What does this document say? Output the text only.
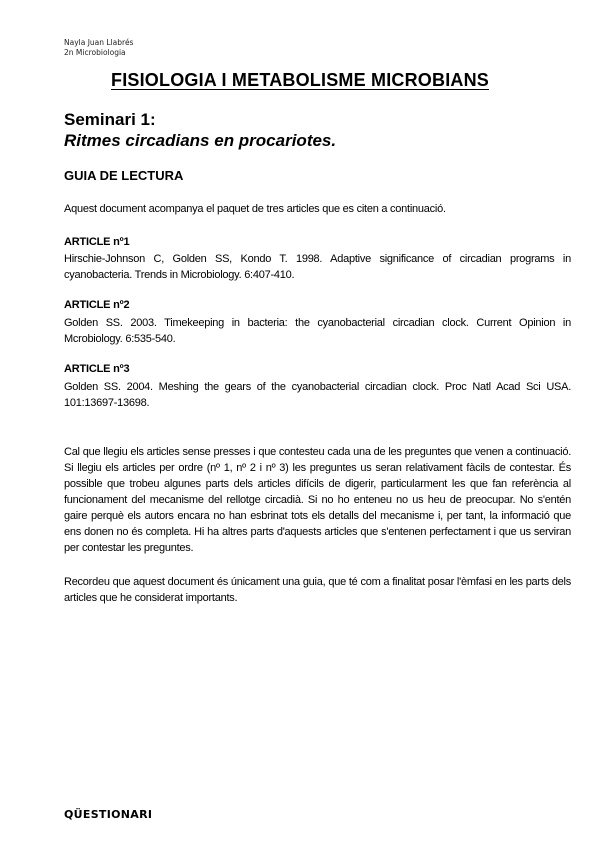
Nayla Juan Llabrés
2n Microbiologia
FISIOLOGIA I METABOLISME MICROBIANS
Seminari 1:
Ritmes circadians en procariotes.
GUIA DE LECTURA

Aquest document acompanya el paquet de tres articles que es citen a continuació.

ARTICLE nº1

Hirschie-Johnson C, Golden SS, Kondo T. 1998. Adaptive significance of circadian programs in cyanobacteria. Trends in Microbiology. 6:407-410.

ARTICLE nº2

Golden SS. 2003. Timekeeping in bacteria: the cyanobacterial circadian clock. Current Opinion in Mcrobiology. 6:535-540.

ARTICLE nº3

Golden SS. 2004. Meshing the gears of the cyanobacterial circadian clock. Proc Natl Acad Sci USA. 101:13697-13698.

Cal que llegiu els articles sense presses i que contesteu cada una de les preguntes que venen a continuació. Si llegiu els articles per ordre (nº 1, nº 2 i nº 3) les preguntes us seran relativament fàcils de contestar. És possible que trobeu algunes parts dels articles difícils de digerir, particularment les que fan referència al funcionament del mecanisme del rellotge circadià. Si no ho enteneu no us heu de preocupar. No s'entén gaire perquè els autors encara no han esbrinat tots els detalls del mecanisme i, per tant, la informació que ens donen no és completa. Hi ha altres parts d'aquests articles que s'entenen perfectament i que us serviran per contestar les preguntes.

Recordeu que aquest document és únicament una guia, que té com a finalitat posar l'èmfasi en les parts dels articles que he considerat importants.

QÜESTIONARI
